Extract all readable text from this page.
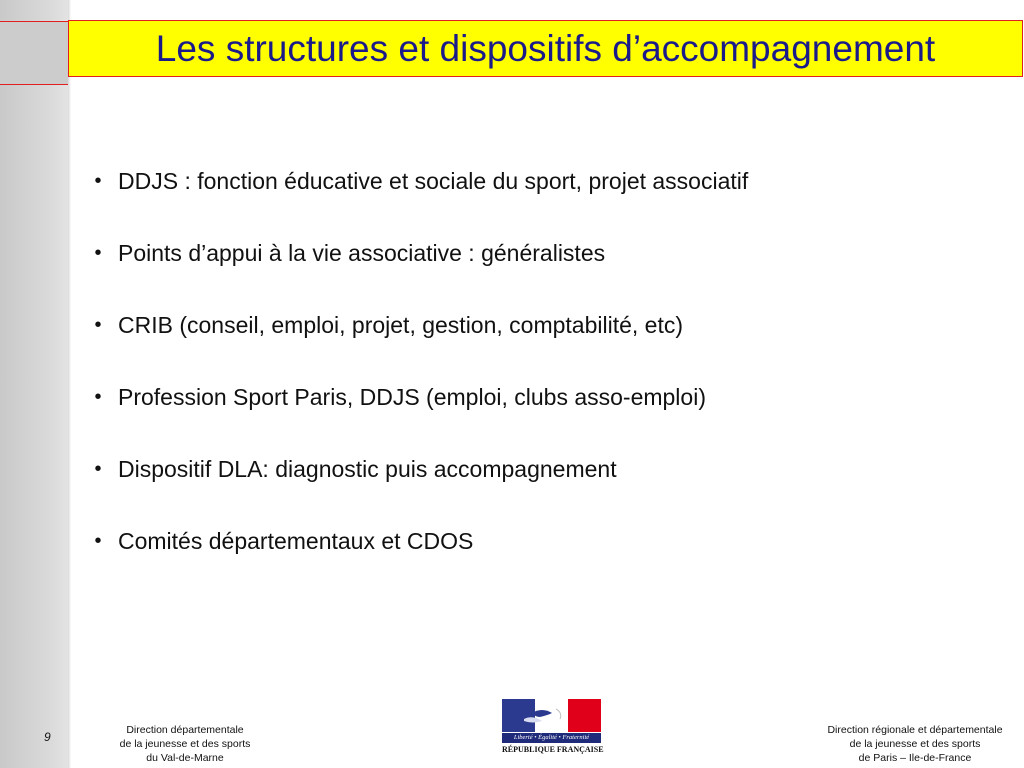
Les structures et dispositifs d’accompagnement
• DDJS : fonction éducative et sociale du sport, projet associatif
• Points d’appui à la vie associative : généralistes
• CRIB (conseil, emploi, projet, gestion, comptabilité, etc)
• Profession Sport Paris, DDJS (emploi, clubs asso-emploi)
• Dispositif DLA: diagnostic puis accompagnement
• Comités départementaux et CDOS
9	Direction départementale
de la jeunesse et des sports
du Val-de-Marne
Liberté • Égalité • Fraternité
RÉPUBLIQUE FRANÇAISE
Direction régionale et départementale
de la jeunesse et des sports
de Paris – Ile-de-France
